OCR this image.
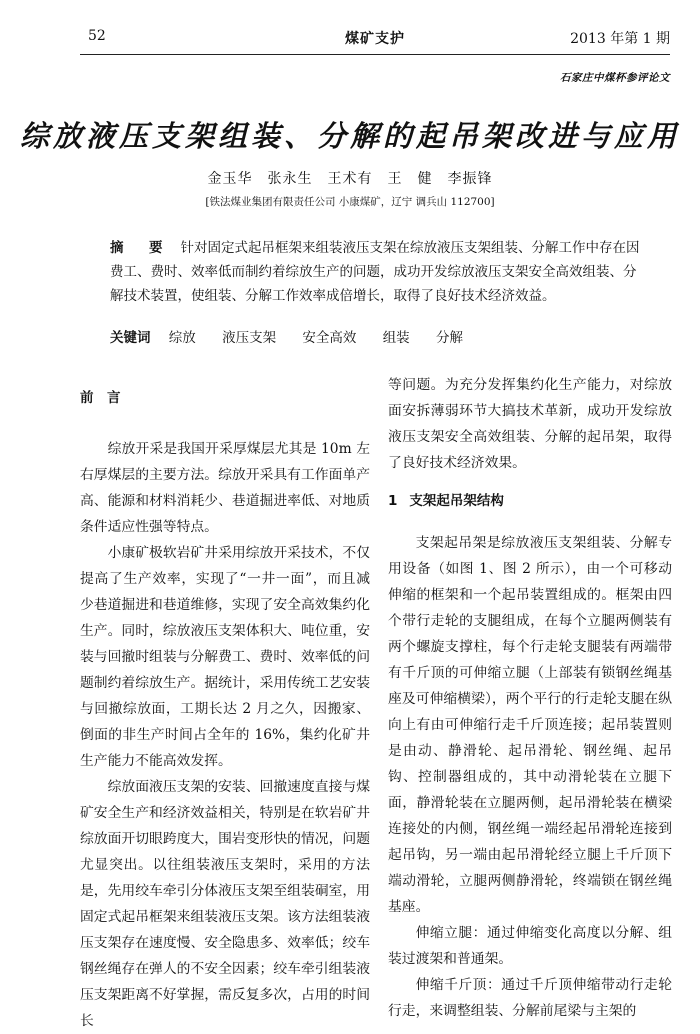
52	煤矿支护	2013 年第 1 期
石家庄中煤杯参评论文
综放液压支架组装、分解的起吊架改进与应用
金玉华　张永生　王术有　王　健　李振锋
[铁法煤业集团有限责任公司 小康煤矿，辽宁 调兵山 112700]
摘　要 针对固定式起吊框架来组装液压支架在综放液压支架组装、分解工作中存在因费工、费时、效率低而制约着综放生产的问题，成功开发综放液压支架安全高效组装、分解技术装置，使组装、分解工作效率成倍增长，取得了良好技术经济效益。
关键词 综放 液压支架 安全高效 组装 分解
前　言

综放开采是我国开采厚煤层尤其是 10m 左右厚煤层的主要方法。综放开采具有工作面单产高、能源和材料消耗少、巷道掘进率低、对地质条件适应性强等特点。

小康矿极软岩矿井采用综放开采技术，不仅提高了生产效率，实现了“一井一面”，而且减少巷道掘进和巷道维修，实现了安全高效集约化生产。同时，综放液压支架体积大、吨位重，安装与回撤时组装与分解费工、费时、效率低的问题制约着综放生产。据统计，采用传统工艺安装与回撤综放面，工期长达 2 月之久，因搬家、倒面的非生产时间占全年的 16%，集约化矿井生产能力不能高效发挥。

综放面液压支架的安装、回撤速度直接与煤矿安全生产和经济效益相关，特别是在软岩矿井综放面开切眼跨度大，围岩变形快的情况，问题尤显突出。以往组装液压支架时，采用的方法是，先用绞车牵引分体液压支架至组装硐室，用固定式起吊框架来组装液压支架。该方法组装液压支架存在速度慢、安全隐患多、效率低；绞车钢丝绳存在弹人的不安全因素；绞车牵引组装液压支架距离不好掌握，需反复多次，占用的时间长

等问题。为充分发挥集约化生产能力，对综放面安拆薄弱环节大搞技术革新，成功开发综放液压支架安全高效组装、分解的起吊架，取得了良好技术经济效果。

1 支架起吊架结构

支架起吊架是综放液压支架组装、分解专用设备（如图 1、图 2 所示），由一个可移动伸缩的框架和一个起吊装置组成的。框架由四个带行走轮的支腿组成，在每个立腿两侧装有两个螺旋支撑柱，每个行走轮支腿装有两端带有千斤顶的可伸缩立腿（上部装有锁钢丝绳基座及可伸缩横梁），两个平行的行走轮支腿在纵向上有由可伸缩行走千斤顶连接；起吊装置则是由动、静滑轮、起吊滑轮、钢丝绳、起吊钩、控制器组成的，其中动滑轮装在立腿下面，静滑轮装在立腿两侧，起吊滑轮装在横梁连接处的内侧，钢丝绳一端经起吊滑轮连接到起吊钩，另一端由起吊滑轮经立腿上千斤顶下端动滑轮，立腿两侧静滑轮，终端锁在钢丝绳基座。

伸缩立腿：通过伸缩变化高度以分解、组装过渡架和普通架。

伸缩千斤顶：通过千斤顶伸缩带动行走轮行走，来调整组装、分解前尾梁与主架的
